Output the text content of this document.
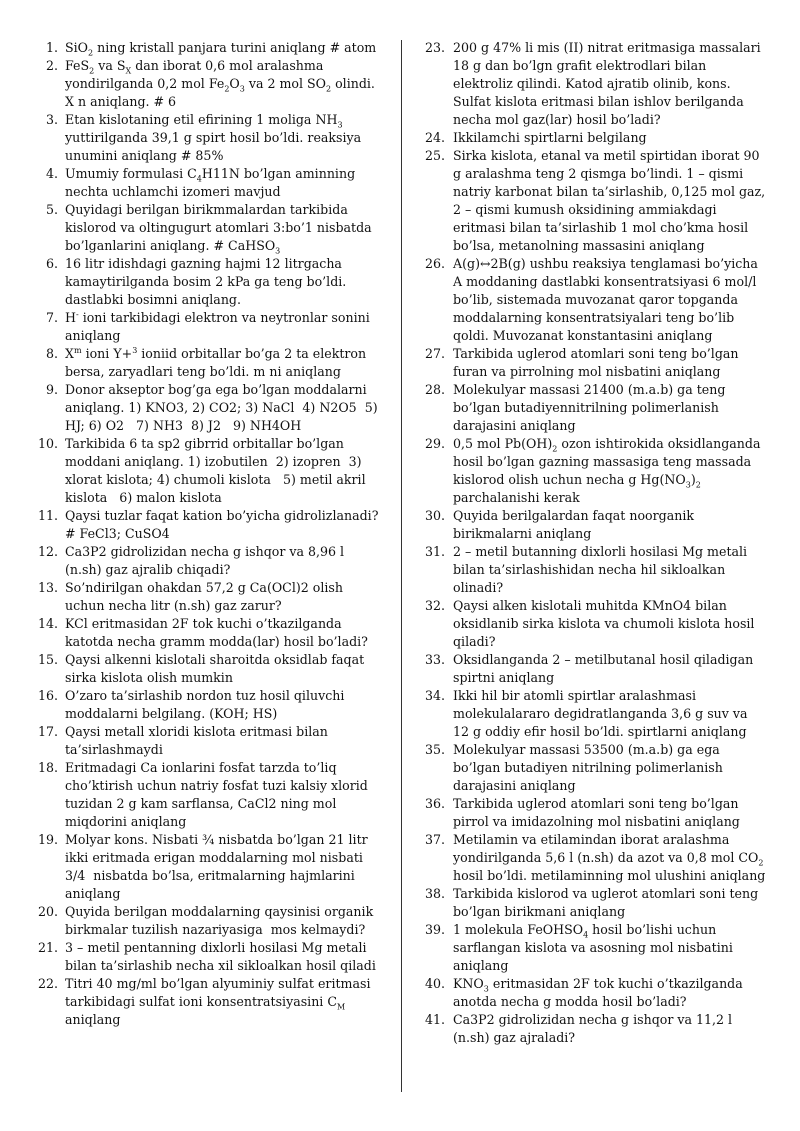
1. SiO$_2$ ning kristall panjara turini aniqlang # atom
2. FeS$_2$ va $S_X$ dan iborat 0,6 mol aralashma yondirilganda 0,2 mol $Fe_2O_3$ va 2 mol $SO_2$ olindi. X n aniqlang. # 6
3. Etan kislotaning etil efirining 1 moliga $NH_3$ yuttirilganda 39,1 g spirt hosil bo’ldi. reaksiya unumini aniqlang # 85%
4. Umumiy formulasi $C_4H11N$ bo’lgan aminning nechta uchlamchi izomeri mavjud
5. Quyidagi berilgan birikmmalardan tarkibida kislorod va oltingugurt atomlari 3:bo’1 nisbatda bo’lganlarini aniqlang. # CaHSO$_3$
6. 16 litr idishdagi gazning hajmi 12 litrgacha kamaytirilganda bosim 2 kPa ga teng bo’ldi. dastlabki bosimni aniqlang.
7. H- ioni tarkibidagi elektron va neytronlar sonini aniqlang
8. $X^m$ ioni Y+$^3$ ioniid orbitallar bo’ga 2 ta elektron bersa, zaryadlari teng bo’ldi. m ni aniqlang
9. Donor akseptor bog’ga ega bo’lgan moddalarni aniqlang. 1) KNO3, 2) CO2; 3) NaCl  4) N2O5  5) HJ; 6) O2   7) NH3  8) J2   9) NH4OH
10. Tarkibida 6 ta sp2 gibrrid orbitallar bo’lgan moddani aniqlang. 1) izobutilen  2) izopren  3) xlorat kislota; 4) chumoli kislota   5) metil akril kislota   6) malon kislota
11. Qaysi tuzlar faqat kation bo’yicha gidrolizlanadi? # FeCl3; CuSO4
12. Ca3P2 gidrolizidan necha g ishqor va 8,96 l (n.sh) gaz ajralib chiqadi?
13. So’ndirilgan ohakdan 57,2 g Ca(OCl)2 olish uchun necha litr (n.sh) gaz zarur?
14. KCl eritmasidan 2F tok kuchi o’tkazilganda katotda necha gramm modda(lar) hosil bo’ladi?
15. Qaysi alkenni kislotali sharoitda oksidlab faqat sirka kislota olish mumkin
16. O’zaro ta’sirlashib nordon tuz hosil qiluvchi moddalarni belgilang. (KOH; HS)
17. Qaysi metall xloridi kislota eritmasi bilan ta’sirlashmaydi
18. Eritmadagi Ca ionlarini fosfat tarzda to’liq cho’ktirish uchun natriy fosfat tuzi kalsiy xlorid tuzidan 2 g kam sarflansa, CaCl2 ning mol miqdorini aniqlang
19. Molyar kons. Nisbati ¾ nisbatda bo’lgan 21 litr ikki eritmada erigan moddalarning mol nisbati 3/4  nisbatda bo’lsa, eritmalarning hajmlarini aniqlang
20. Quyida berilgan moddalarning qaysinisi organik birkmalar tuzilish nazariyasiga  mos kelmaydi?
21. 3 – metil pentanning dixlorli hosilasi Mg metali bilan ta’sirlashib necha xil sikloalkan hosil qiladi
22. Titri 40 mg/ml bo’lgan alyuminiy sulfat eritmasi tarkibidagi sulfat ioni konsentratsiyasini $C_M$ aniqlang
23. 200 g 47% li mis (II) nitrat eritmasiga massalari 18 g dan bo’lgn grafit elektrodlari bilan elektroliz qilindi. Katod ajratib olinib, kons. Sulfat kislota eritmasi bilan ishlov berilganda necha mol gaz(lar) hosil bo’ladi?
24. Ikkilamchi spirtlarni belgilang
25. Sirka kislota, etanal va metil spirtidan iborat 90 g aralashma teng 2 qismga bo’lindi. 1 – qismi natriy karbonat bilan ta’sirlashib, 0,125 mol gaz, 2 – qismi kumush oksidining ammiakdagi eritmasi bilan ta’sirlashib 1 mol cho’kma hosil bo’lsa, metanolning massasini aniqlang
26. A(g)↔2B(g) ushbu reaksiya tenglamasi bo’yicha A moddaning dastlabki konsentratsiyasi 6 mol/l bo’lib, sistemada muvozanat qaror topganda moddalarning konsentratsiyalari teng bo’lib qoldi. Muvozanat konstantasini aniqlang
27. Tarkibida uglerod atomlari soni teng bo’lgan furan va pirrolning mol nisbatini aniqlang
28. Molekulyar massasi 21400 (m.a.b) ga teng bo’lgan butadiyennitrilning polimerlanish darajasini aniqlang
29. 0,5 mol $Pb(OH)_2$ ozon ishtirokida oksidlanganda hosil bo’lgan gazning massasiga teng massada kislorod olish uchun necha g $Hg(NO_3)_2$ parchalanishi kerak
30. Quyida berilgalardan faqat noorganik birikmalarni aniqlang
31. 2 – metil butanning dixlorli hosilasi Mg metali bilan ta’sirlashishidan necha hil sikloalkan olinadi?
32. Qaysi alken kislotali muhitda KMnO4 bilan oksidlanib sirka kislota va chumoli kislota hosil qiladi?
33. Oksidlanganda 2 – metilbutanal hosil qiladigan spirtni aniqlang
34. Ikki hil bir atomli spirtlar aralashmasi molekulalararo degidratlanganda 3,6 g suv va 12 g oddiy efir hosil bo’ldi. spirtlarni aniqlang
35. Molekulyar massasi 53500 (m.a.b) ga ega bo’lgan butadiyen nitrilning polimerlanish darajasini aniqlang
36. Tarkibida uglerod atomlari soni teng bo’lgan pirrol va imidazolning mol nisbatini aniqlang
37. Metilamin va etilamindan iborat aralashma yondirilganda 5,6 l (n.sh) da azot va 0,8 mol $CO_2$ hosil bo’ldi. metilaminning mol ulushini aniqlang
38. Tarkibida kislorod va uglerot atomlari soni teng bo’lgan birikmani aniqlang
39. 1 molekula FeOHSO$_4$ hosil bo’lishi uchun sarflangan kislota va asosning mol nisbatini aniqlang
40. $KNO_3$ eritmasidan 2F tok kuchi o’tkazilganda anotda necha g modda hosil bo’ladi?
41. Ca3P2 gidrolizidan necha g ishqor va 11,2 l (n.sh) gaz ajraladi?
